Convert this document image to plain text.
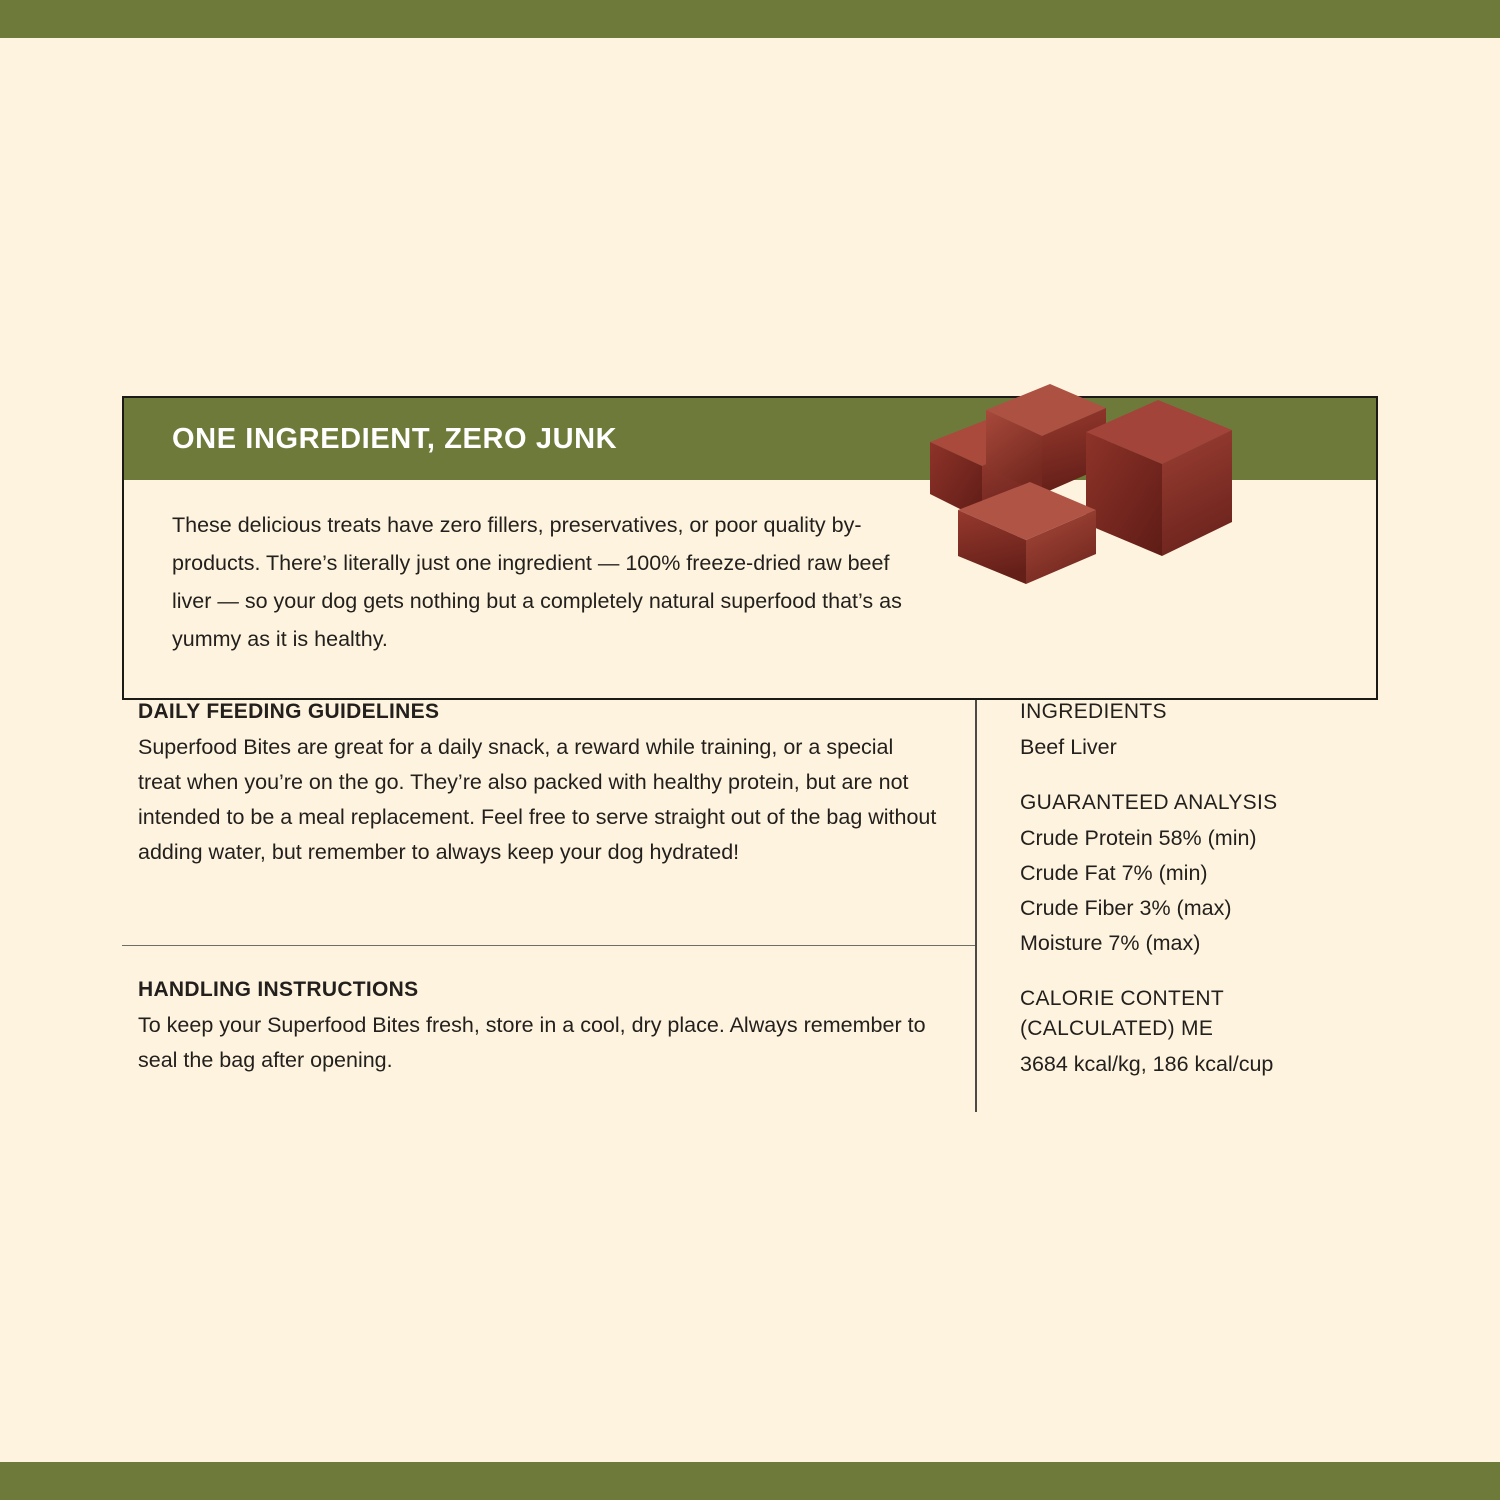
ONE INGREDIENT, ZERO JUNK

These delicious treats have zero fillers, preservatives, or poor quality by-products. There’s literally just one ingredient — 100% freeze-dried raw beef liver — so your dog gets nothing but a completely natural superfood that’s as yummy as it is healthy.

DAILY FEEDING GUIDELINES

Superfood Bites are great for a daily snack, a reward while training, or a special treat when you’re on the go. They’re also packed with healthy protein, but are not intended to be a meal replacement. Feel free to serve straight out of the bag without adding water, but remember to always keep your dog hydrated!

HANDLING INSTRUCTIONS

To keep your Superfood Bites fresh, store in a cool, dry place. Always remember to seal the bag after opening.

INGREDIENTS
Beef Liver
GUARANTEED ANALYSIS
Crude Protein 58% (min)
Crude Fat 7% (min)
Crude Fiber 3% (max)
Moisture 7% (max)
CALORIE CONTENT
(CALCULATED) ME
3684 kcal/kg, 186 kcal/cup
